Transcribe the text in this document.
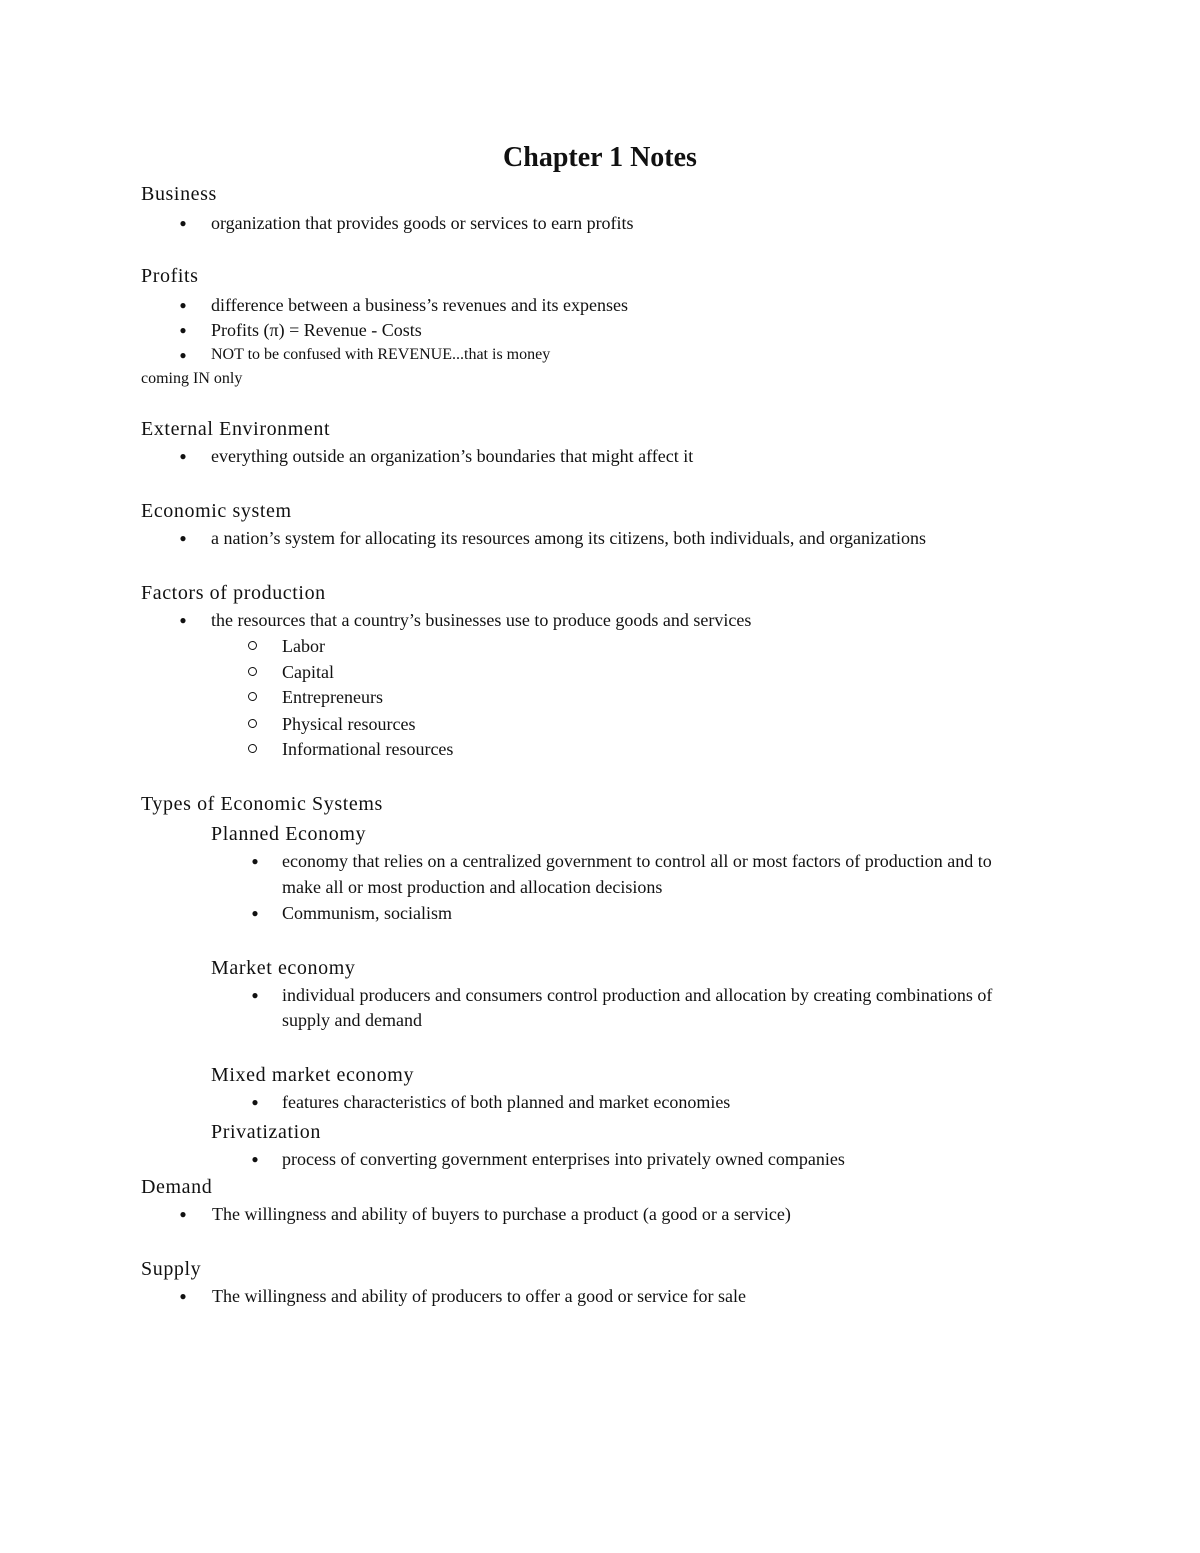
Chapter 1 Notes
Business
● organization that provides goods or services to earn profits
Profits
● difference between a business’s revenues and its expenses
● Profits (π) = Revenue - Costs
● NOT to be confused with REVENUE...that is money
coming IN only
External Environment
● everything outside an organization’s boundaries that might affect it
Economic system
● a nation’s system for allocating its resources among its citizens, both individuals, and organizations
Factors of production
● the resources that a country’s businesses use to produce goods and services
Labor
Capital
Entrepreneurs
Physical resources
Informational resources
Types of Economic Systems
Planned Economy
● economy that relies on a centralized government to control all or most factors of production and to
make all or most production and allocation decisions
● Communism, socialism
Market economy
● individual producers and consumers control production and allocation by creating combinations of
supply and demand
Mixed market economy
● features characteristics of both planned and market economies
Privatization
● process of converting government enterprises into privately owned companies
Demand
● The willingness and ability of buyers to purchase a product (a good or a service)
Supply
● The willingness and ability of producers to offer a good or service for sale
